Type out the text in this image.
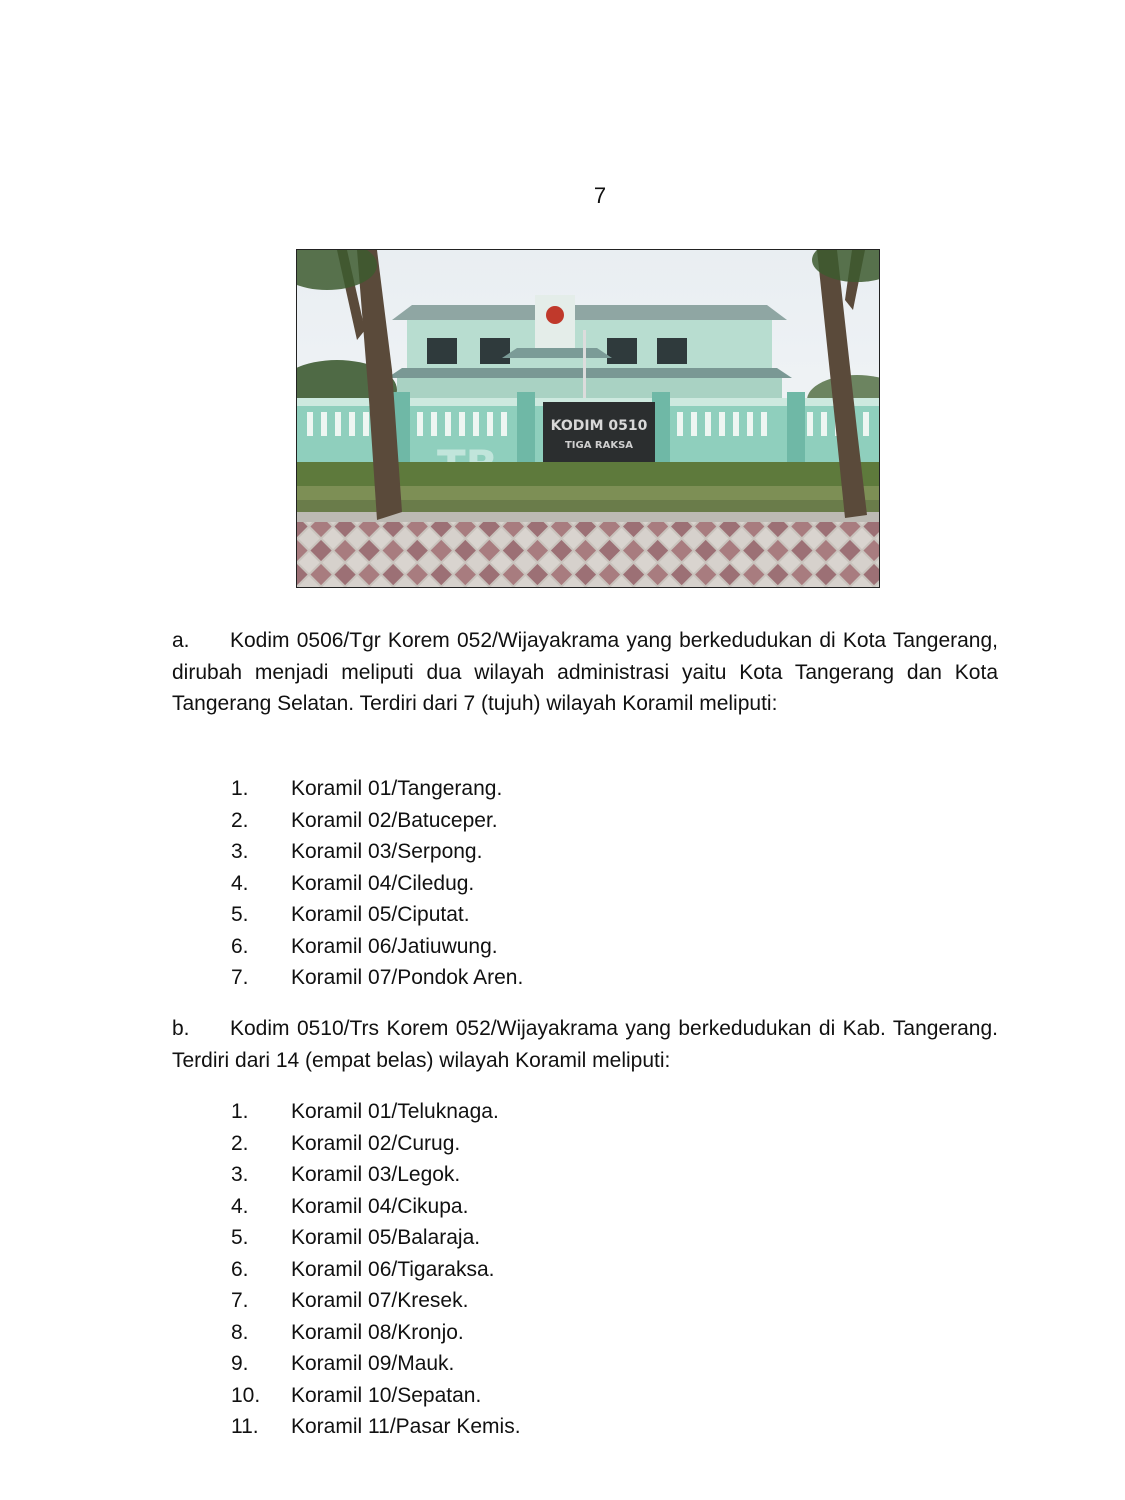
7
KODIM 0510
TIGA RAKSA

a. Kodim 0506/Tgr Korem 052/Wijayakrama yang berkedudukan di Kota Tangerang, dirubah menjadi meliputi dua wilayah administrasi yaitu Kota Tangerang dan Kota Tangerang Selatan. Terdiri dari 7 (tujuh) wilayah Koramil meliputi:

1.	Koramil 01/Tangerang.
2.	Koramil 02/Batuceper.
3.	Koramil 03/Serpong.
4.	Koramil 04/Ciledug.
5.	Koramil 05/Ciputat.
6.	Koramil 06/Jatiuwung.
7.	Koramil 07/Pondok Aren.

b. Kodim 0510/Trs Korem 052/Wijayakrama yang berkedudukan di Kab. Tangerang. Terdiri dari 14 (empat belas) wilayah Koramil meliputi:

1.	Koramil 01/Teluknaga.
2.	Koramil 02/Curug.
3.	Koramil 03/Legok.
4.	Koramil 04/Cikupa.
5.	Koramil 05/Balaraja.
6.	Koramil 06/Tigaraksa.
7.	Koramil 07/Kresek.
8.	Koramil 08/Kronjo.
9.	Koramil 09/Mauk.
10.	Koramil 10/Sepatan.
11.	Koramil 11/Pasar Kemis.
